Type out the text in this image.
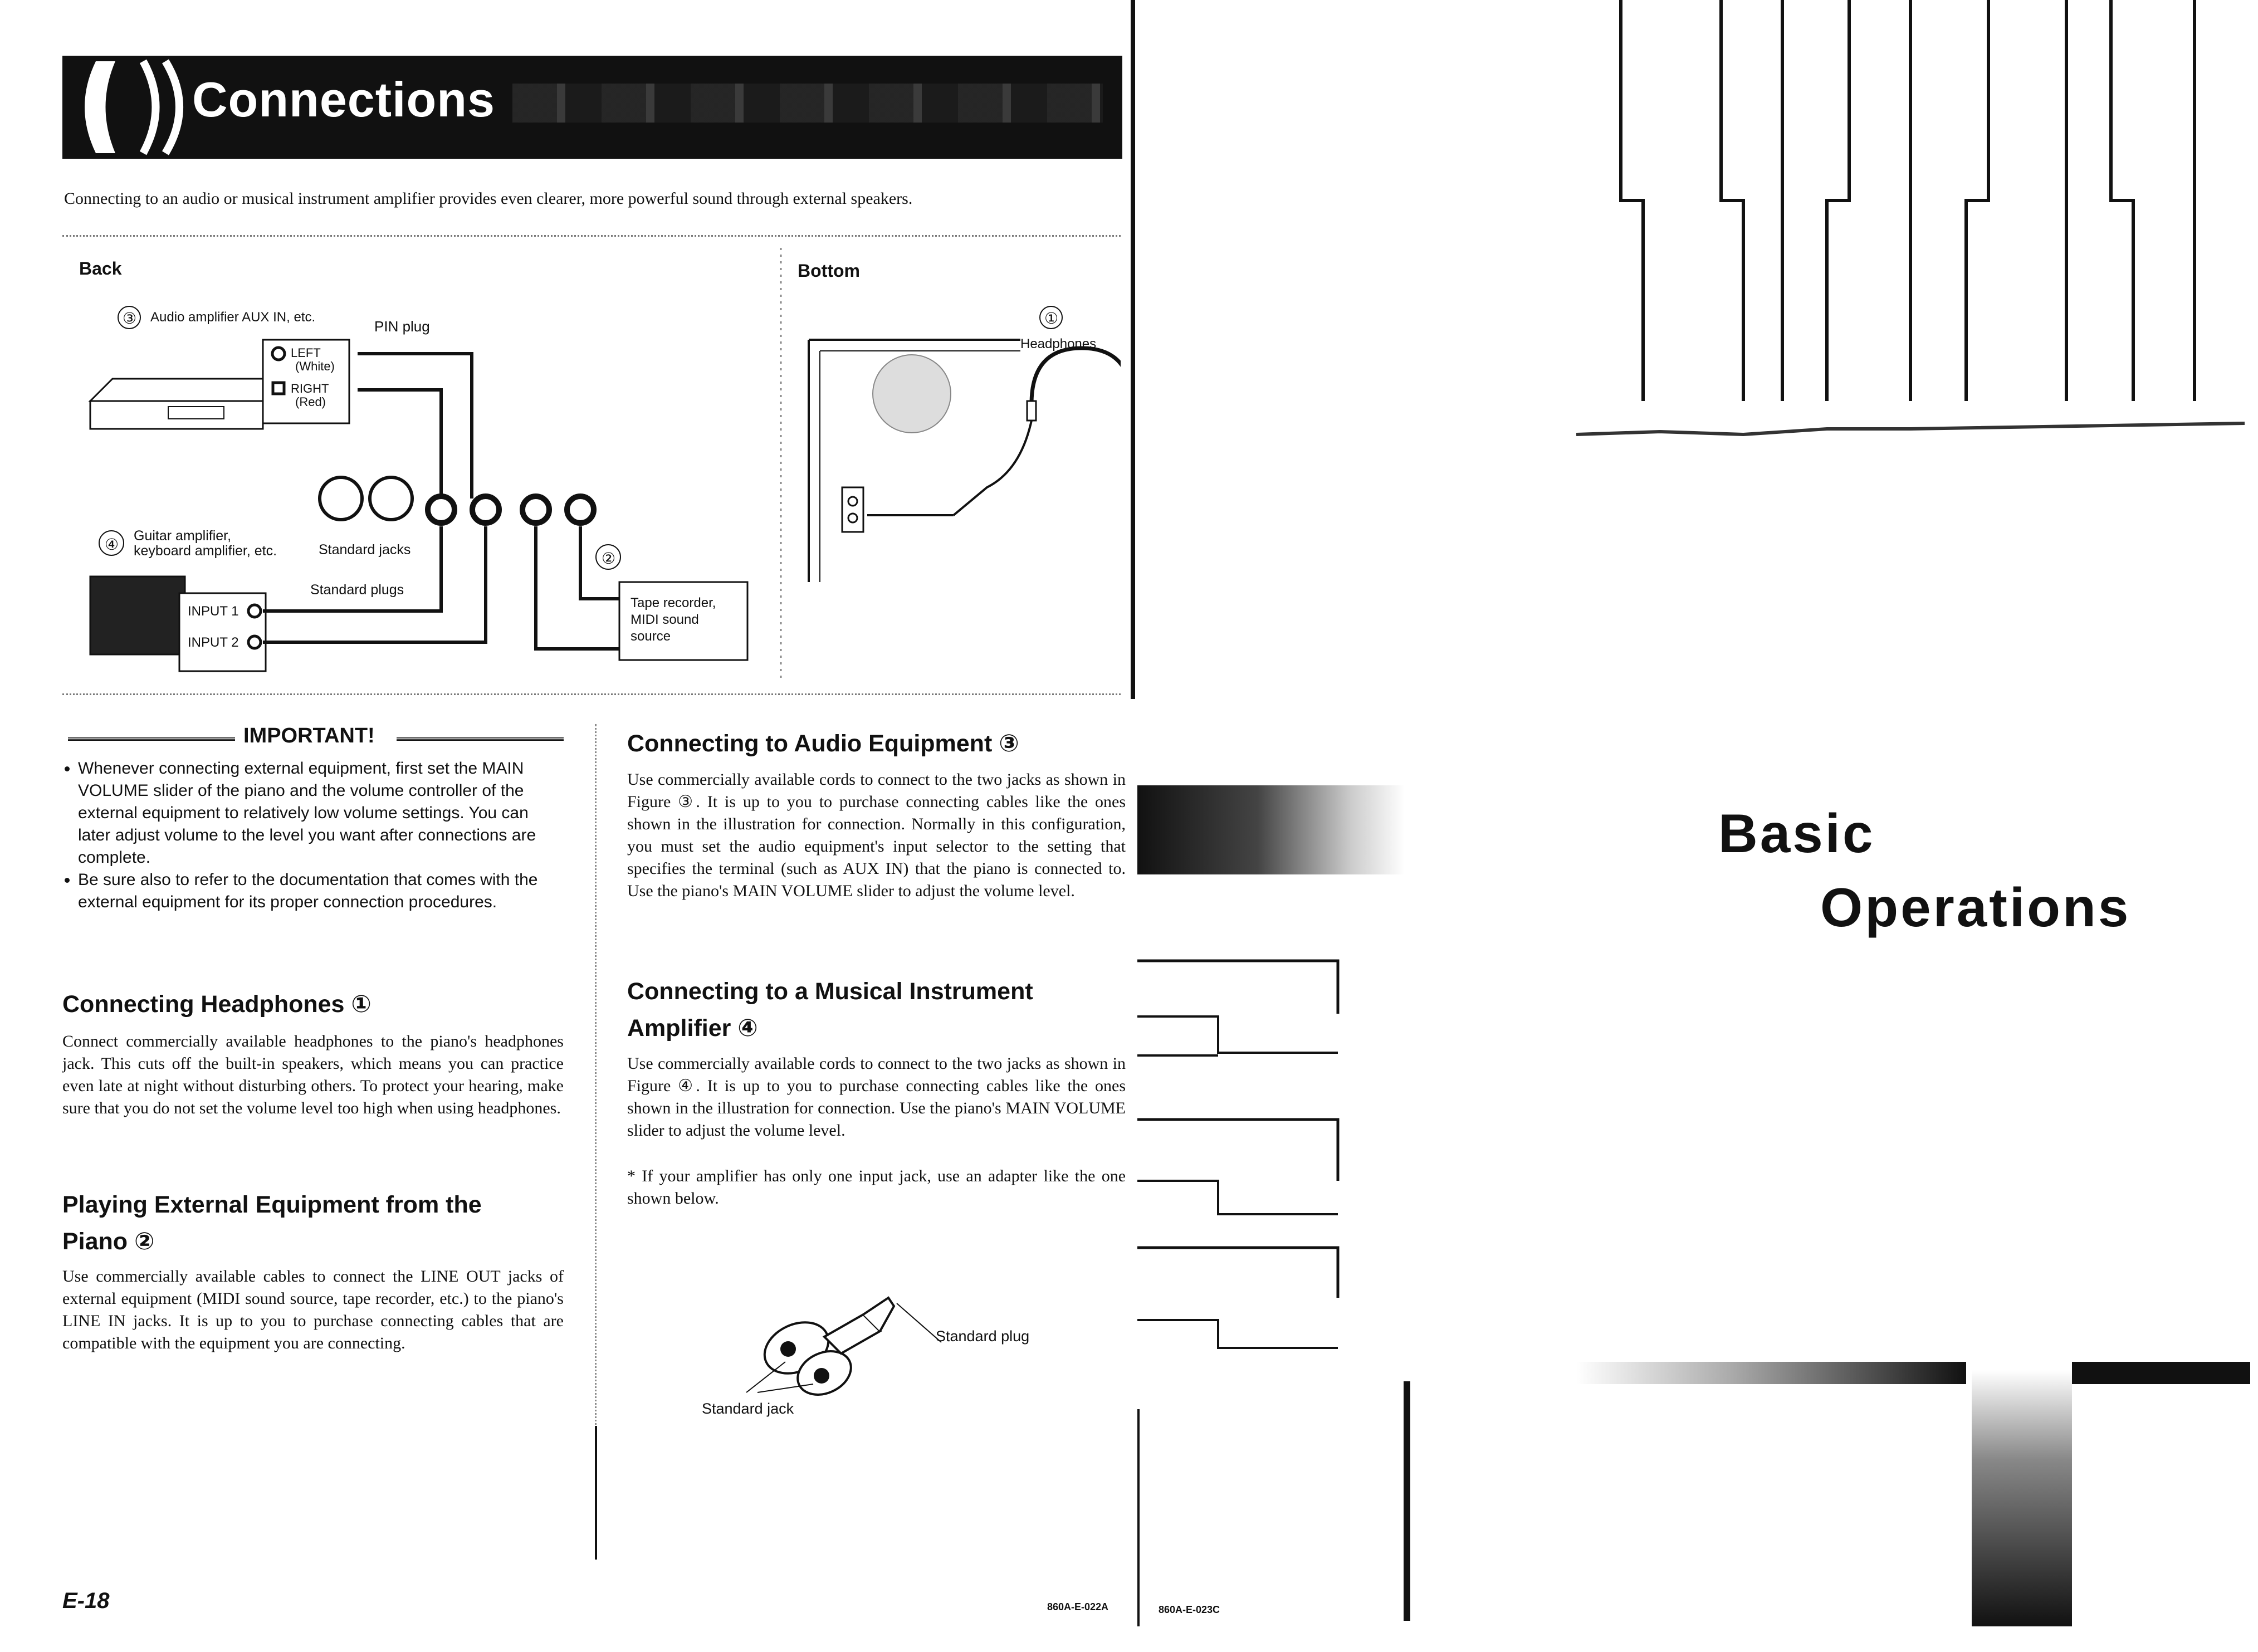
Connections
Connecting to an audio or musical instrument amplifier provides even clearer, more powerful sound through external speakers.
Back	Bottom
③ Audio amplifier AUX IN, etc.
PIN plug
LEFT
(White)
RIGHT
(Red)
④ Guitar amplifier,
keyboard amplifier, etc.	Standard jacks
Standard plugs
INPUT 1
INPUT 2
②
Tape recorder,
MIDI sound
source
①
Headphones
IMPORTANT!
• Whenever connecting external equipment, first set the MAIN VOLUME slider of the piano and the volume controller of the external equipment to relatively low volume settings. You can later adjust volume to the level you want after connections are complete.
• Be sure also to refer to the documentation that comes with the external equipment for its proper connection procedures.
Connecting Headphones ①
Connect commercially available headphones to the piano's headphones jack. This cuts off the built-in speakers, which means you can practice even late at night without disturbing others. To protect your hearing, make sure that you do not set the volume level too high when using headphones.
Playing External Equipment from the
Piano ②
Use commercially available cables to connect the LINE OUT jacks of external equipment (MIDI sound source, tape recorder, etc.) to the piano's LINE IN jacks. It is up to you to purchase connecting cables that are compatible with the equipment you are connecting.
Connecting to Audio Equipment ③
Use commercially available cords to connect to the two jacks as shown in Figure ③. It is up to you to purchase connecting cables like the ones shown in the illustration for connection. Normally in this configuration, you must set the audio equipment's input selector to the setting that specifies the terminal (such as AUX IN) that the piano is connected to. Use the piano's MAIN VOLUME slider to adjust the volume level.
Connecting to a Musical Instrument
Amplifier ④
Use commercially available cords to connect to the two jacks as shown in Figure ④. It is up to you to purchase connecting cables like the ones shown in the illustration for connection. Use the piano's MAIN VOLUME slider to adjust the volume level.
* If your amplifier has only one input jack, use an adapter like the one shown below.
Standard plug
Standard jack
E-18	860A-E-022A	860A-E-023C
Basic
Operations
